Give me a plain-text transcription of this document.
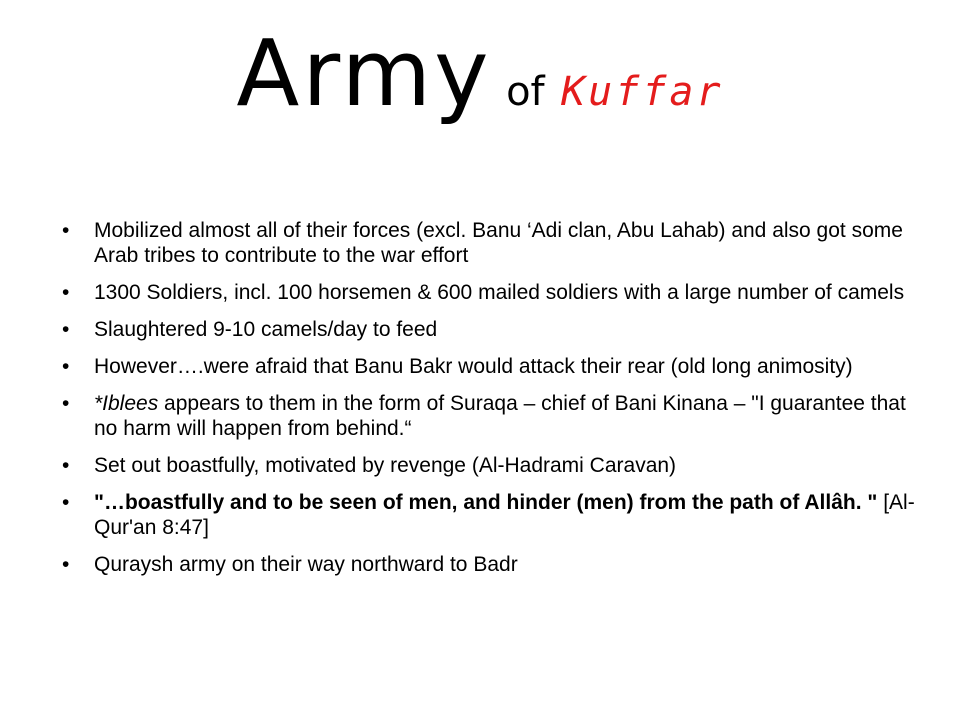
Army of Kuffar
• Mobilized almost all of their forces (excl. Banu ‘Adi clan, Abu Lahab) and also got some Arab tribes to contribute to the war effort
• 1300 Soldiers, incl. 100 horsemen & 600 mailed soldiers with a large number of camels
• Slaughtered 9-10 camels/day to feed
• However….were afraid that Banu Bakr would attack their rear (old long animosity)
• *Iblees appears to them in the form of Suraqa – chief of Bani Kinana – "I guarantee that no harm will happen from behind.“
• Set out boastfully, motivated by revenge (Al-Hadrami Caravan)
• "…boastfully and to be seen of men, and hinder (men) from the path of Allâh. " [Al-Qur'an 8:47]
• Quraysh army on their way northward to Badr
